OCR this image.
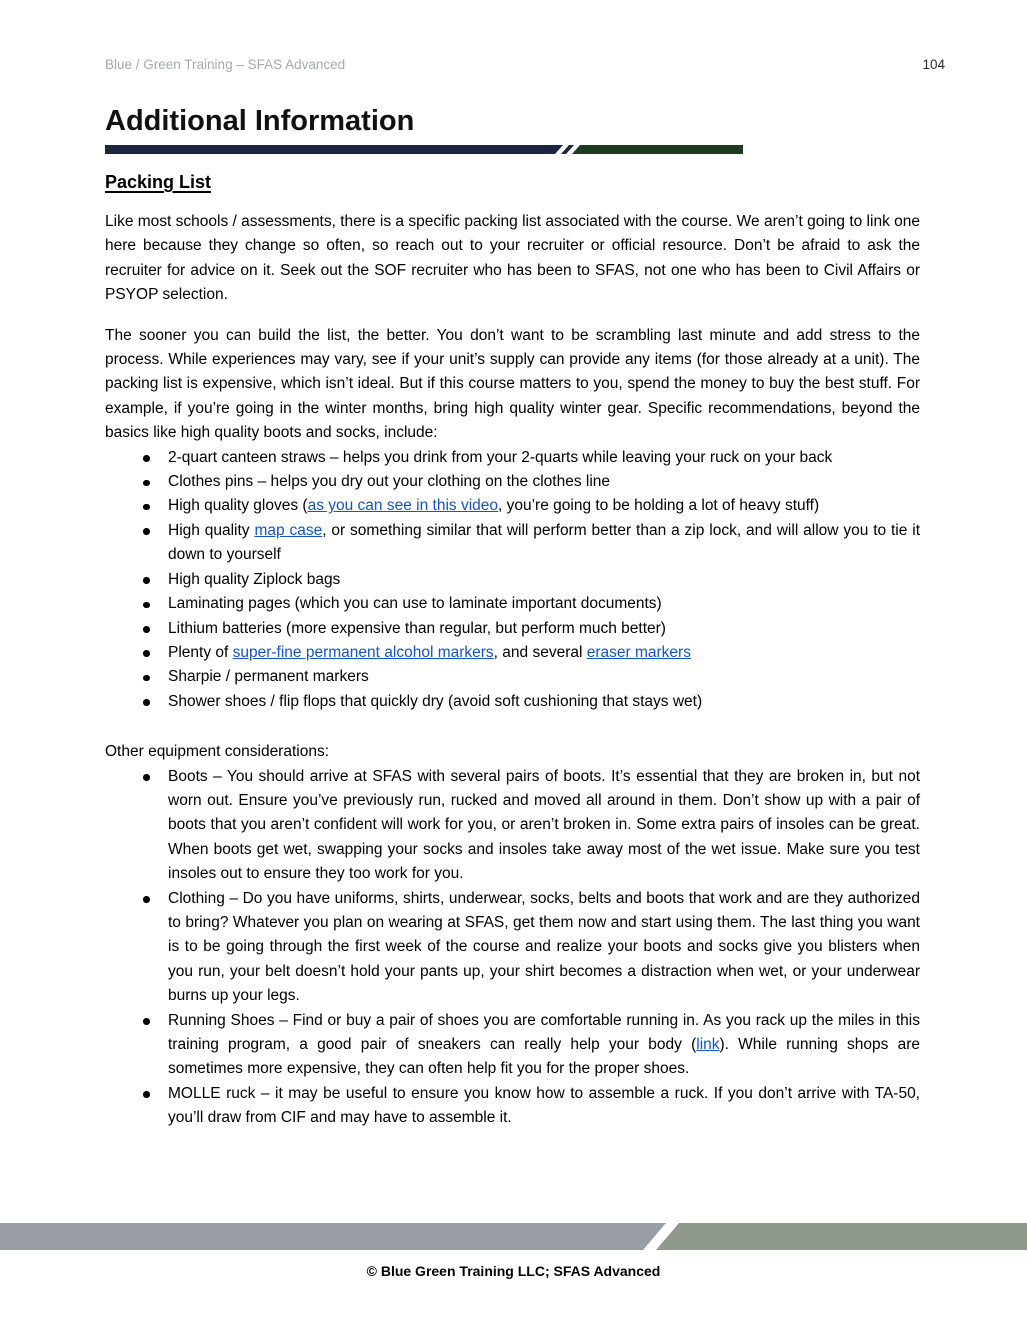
Blue / Green Training – SFAS Advanced	104
Additional Information
Packing List

Like most schools / assessments, there is a specific packing list associated with the course. We aren’t going to link one here because they change so often, so reach out to your recruiter or official resource. Don’t be afraid to ask the recruiter for advice on it. Seek out the SOF recruiter who has been to SFAS, not one who has been to Civil Affairs or PSYOP selection.

The sooner you can build the list, the better. You don’t want to be scrambling last minute and add stress to the process. While experiences may vary, see if your unit’s supply can provide any items (for those already at a unit). The packing list is expensive, which isn’t ideal. But if this course matters to you, spend the money to buy the best stuff. For example, if you’re going in the winter months, bring high quality winter gear. Specific recommendations, beyond the basics like high quality boots and socks, include:

2-quart canteen straws – helps you drink from your 2-quarts while leaving your ruck on your back
Clothes pins – helps you dry out your clothing on the clothes line
High quality gloves (as you can see in this video, you’re going to be holding a lot of heavy stuff)
High quality map case, or something similar that will perform better than a zip lock, and will allow you to tie it down to yourself
High quality Ziplock bags
Laminating pages (which you can use to laminate important documents)
Lithium batteries (more expensive than regular, but perform much better)
Plenty of super-fine permanent alcohol markers, and several eraser markers
Sharpie / permanent markers
Shower shoes / flip flops that quickly dry (avoid soft cushioning that stays wet)

Other equipment considerations:

Boots – You should arrive at SFAS with several pairs of boots. It’s essential that they are broken in, but not worn out. Ensure you’ve previously run, rucked and moved all around in them. Don’t show up with a pair of boots that you aren’t confident will work for you, or aren’t broken in. Some extra pairs of insoles can be great. When boots get wet, swapping your socks and insoles take away most of the wet issue. Make sure you test insoles out to ensure they too work for you.
Clothing – Do you have uniforms, shirts, underwear, socks, belts and boots that work and are they authorized to bring? Whatever you plan on wearing at SFAS, get them now and start using them. The last thing you want is to be going through the first week of the course and realize your boots and socks give you blisters when you run, your belt doesn’t hold your pants up, your shirt becomes a distraction when wet, or your underwear burns up your legs.
Running Shoes – Find or buy a pair of shoes you are comfortable running in. As you rack up the miles in this training program, a good pair of sneakers can really help your body (link). While running shops are sometimes more expensive, they can often help fit you for the proper shoes.
MOLLE ruck – it may be useful to ensure you know how to assemble a ruck. If you don’t arrive with TA-50, you’ll draw from CIF and may have to assemble it.
© Blue Green Training LLC; SFAS Advanced
